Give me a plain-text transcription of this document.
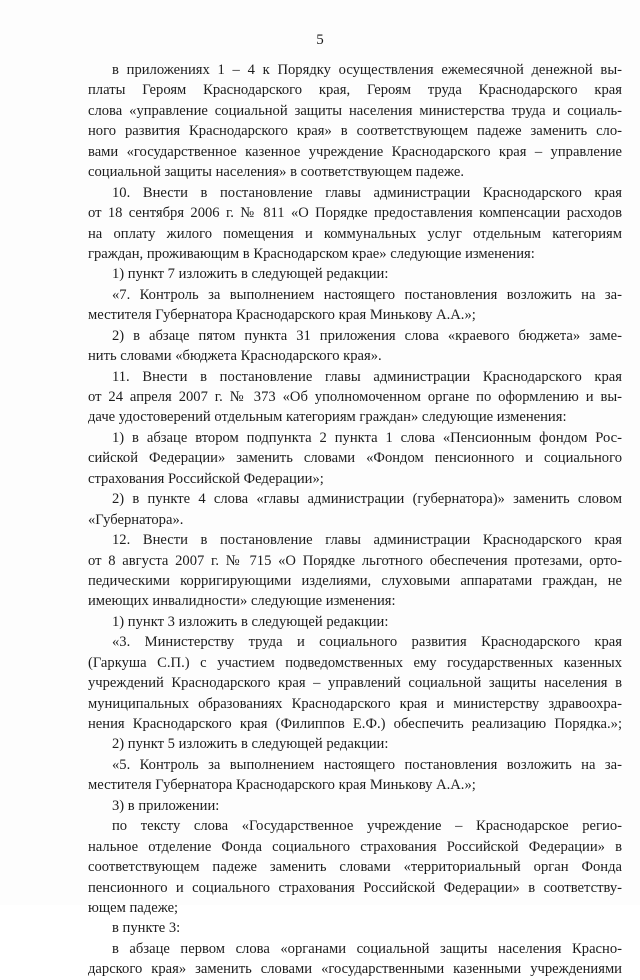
5
в приложениях 1 – 4 к Порядку осуществления ежемесячной денежной вы-
платы Героям Краснодарского края, Героям труда Краснодарского края
слова «управление социальной защиты населения министерства труда и социаль-
ного развития Краснодарского края» в соответствующем падеже заменить сло-
вами «государственное казенное учреждение Краснодарского края – управление
социальной защиты населения» в соответствующем падеже.
10. Внести в постановление главы администрации Краснодарского края
от 18 сентября 2006 г. № 811 «О Порядке предоставления компенсации расходов
на оплату жилого помещения и коммунальных услуг отдельным категориям
граждан, проживающим в Краснодарском крае» следующие изменения:
1) пункт 7 изложить в следующей редакции:
«7. Контроль за выполнением настоящего постановления возложить на за-
местителя Губернатора Краснодарского края Минькову А.А.»;
2) в абзаце пятом пункта 31 приложения слова «краевого бюджета» заме-
нить словами «бюджета Краснодарского края».
11. Внести в постановление главы администрации Краснодарского края
от 24 апреля 2007 г. № 373 «Об уполномоченном органе по оформлению и вы-
даче удостоверений отдельным категориям граждан» следующие изменения:
1) в абзаце втором подпункта 2 пункта 1 слова «Пенсионным фондом Рос-
сийской Федерации» заменить словами «Фондом пенсионного и социального
страхования Российской Федерации»;
2) в пункте 4 слова «главы администрации (губернатора)» заменить словом
«Губернатора».
12. Внести в постановление главы администрации Краснодарского края
от 8 августа 2007 г. № 715 «О Порядке льготного обеспечения протезами, орто-
педическими корригирующими изделиями, слуховыми аппаратами граждан, не
имеющих инвалидности» следующие изменения:
1) пункт 3 изложить в следующей редакции:
«3. Министерству труда и социального развития Краснодарского края
(Гаркуша С.П.) с участием подведомственных ему государственных казенных
учреждений Краснодарского края – управлений социальной защиты населения в
муниципальных образованиях Краснодарского края и министерству здравоохра-
нения Краснодарского края (Филиппов Е.Ф.) обеспечить реализацию Порядка.»;
2) пункт 5 изложить в следующей редакции:
«5. Контроль за выполнением настоящего постановления возложить на за-
местителя Губернатора Краснодарского края Минькову А.А.»;
3) в приложении:
по тексту слова «Государственное учреждение – Краснодарское регио-
нальное отделение Фонда социального страхования Российской Федерации» в
соответствующем падеже заменить словами «территориальный орган Фонда
пенсионного и социального страхования Российской Федерации» в соответству-
ющем падеже;
в пункте 3:
в абзаце первом слова «органами социальной защиты населения Красно-
дарского края» заменить словами «государственными казенными учреждениями
